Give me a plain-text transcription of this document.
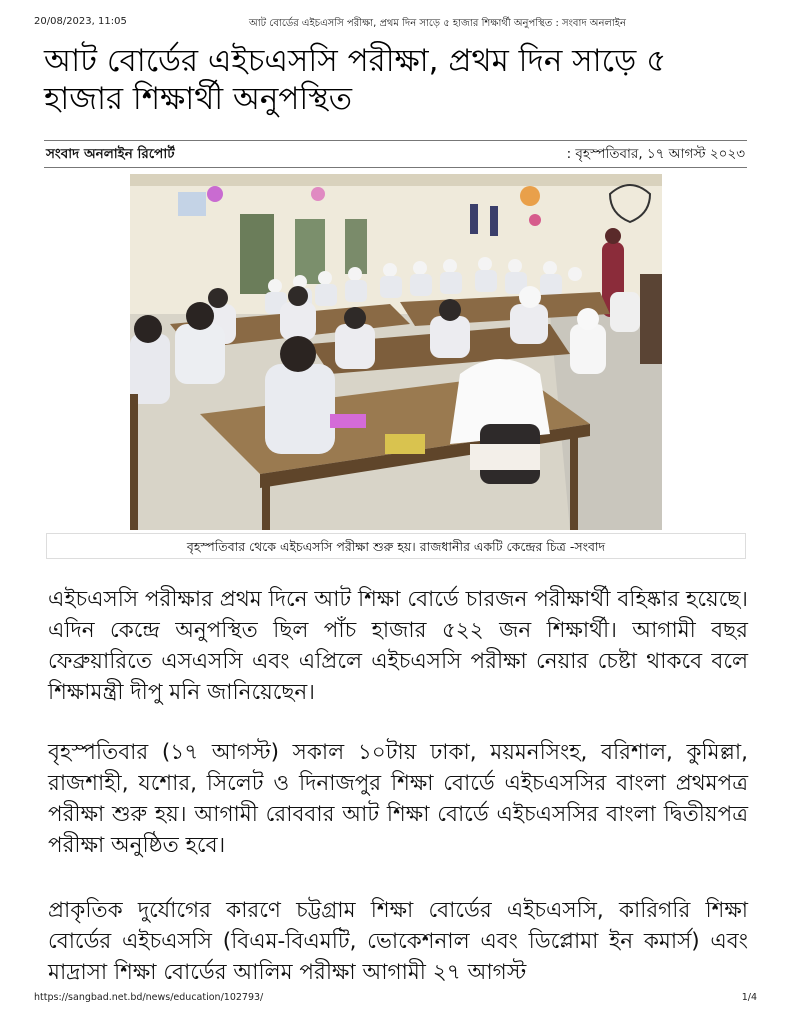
20/08/2023, 11:05	আট বোর্ডের এইচএসসি পরীক্ষা, প্রথম দিন সাড়ে ৫ হাজার শিক্ষার্থী অনুপস্থিত : সংবাদ অনলাইন
আট বোর্ডের এইচএসসি পরীক্ষা, প্রথম দিন সাড়ে ৫ হাজার শিক্ষার্থী অনুপস্থিত
সংবাদ অনলাইন রিপোর্ট	: বৃহস্পতিবার, ১৭ আগস্ট ২০২৩
বৃহস্পতিবার থেকে এইচএসসি পরীক্ষা শুরু হয়। রাজধানীর একটি কেন্দ্রের চিত্র -সংবাদ

এইচএসসি পরীক্ষার প্রথম দিনে আট শিক্ষা বোর্ডে চারজন পরীক্ষার্থী বহিষ্কার হয়েছে। এদিন কেন্দ্রে অনুপস্থিত ছিল পাঁচ হাজার ৫২২ জন শিক্ষার্থী। আগামী বছর ফেব্রুয়ারিতে এসএসসি এবং এপ্রিলে এইচএসসি পরীক্ষা নেয়ার চেষ্টা থাকবে বলে শিক্ষামন্ত্রী দীপু মনি জানিয়েছেন।

বৃহস্পতিবার (১৭ আগস্ট) সকাল ১০টায় ঢাকা, ময়মনসিংহ, বরিশাল, কুমিল্লা, রাজশাহী, যশোর, সিলেট ও দিনাজপুর শিক্ষা বোর্ডে এইচএসসির বাংলা প্রথমপত্র পরীক্ষা শুরু হয়। আগামী রোববার আট শিক্ষা বোর্ডে এইচএসসির বাংলা দ্বিতীয়পত্র পরীক্ষা অনুষ্ঠিত হবে।

প্রাকৃতিক দুর্যোগের কারণে চট্টগ্রাম শিক্ষা বোর্ডের এইচএসসি, কারিগরি শিক্ষা বোর্ডের এইচএসসি (বিএম-বিএমটি, ভোকেশনাল এবং ডিপ্লোমা ইন কমার্স) এবং মাদ্রাসা শিক্ষা বোর্ডের আলিম পরীক্ষা আগামী ২৭ আগস্ট

https://sangbad.net.bd/news/education/102793/	1/4
